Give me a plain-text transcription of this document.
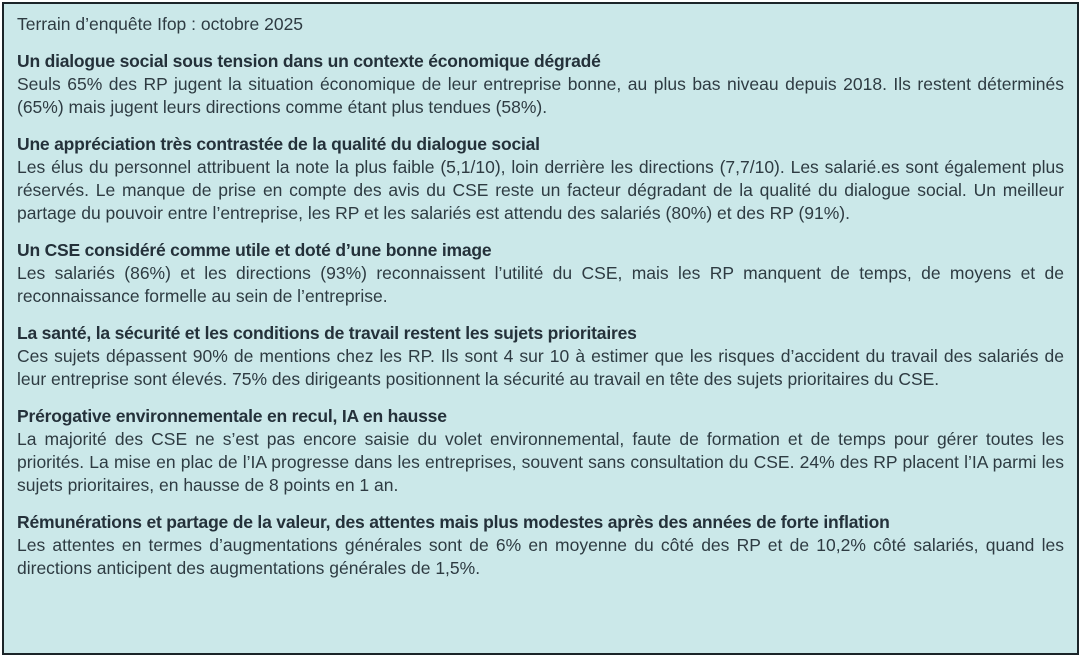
Terrain d’enquête Ifop : octobre 2025

Un dialogue social sous tension dans un contexte économique dégradé

Seuls 65% des RP jugent la situation économique de leur entreprise bonne, au plus bas niveau depuis 2018. Ils restent déterminés (65%) mais jugent leurs directions comme étant plus tendues (58%).

Une appréciation très contrastée de la qualité du dialogue social

Les élus du personnel attribuent la note la plus faible (5,1/10), loin derrière les directions (7,7/10). Les salarié.es sont également plus réservés. Le manque de prise en compte des avis du CSE reste un facteur dégradant de la qualité du dialogue social. Un meilleur partage du pouvoir entre l’entreprise, les RP et les salariés est attendu des salariés (80%) et des RP (91%).

Un CSE considéré comme utile et doté d’une bonne image

Les salariés (86%) et les directions (93%) reconnaissent l’utilité du CSE, mais les RP manquent de temps, de moyens et de reconnaissance formelle au sein de l’entreprise.

La santé, la sécurité et les conditions de travail restent les sujets prioritaires

Ces sujets dépassent 90% de mentions chez les RP. Ils sont 4 sur 10 à estimer que les risques d’accident du travail des salariés de leur entreprise sont élevés. 75% des dirigeants positionnent la sécurité au travail en tête des sujets prioritaires du CSE.

Prérogative environnementale en recul, IA en hausse

La majorité des CSE ne s’est pas encore saisie du volet environnemental, faute de formation et de temps pour gérer toutes les priorités. La mise en plac de l’IA progresse dans les entreprises, souvent sans consultation du CSE. 24% des RP placent l’IA parmi les sujets prioritaires, en hausse de 8 points en 1 an.

Rémunérations et partage de la valeur, des attentes mais plus modestes après des années de forte inflation

Les attentes en termes d’augmentations générales sont de 6% en moyenne du côté des RP et de 10,2% côté salariés, quand les directions anticipent des augmentations générales de 1,5%.
